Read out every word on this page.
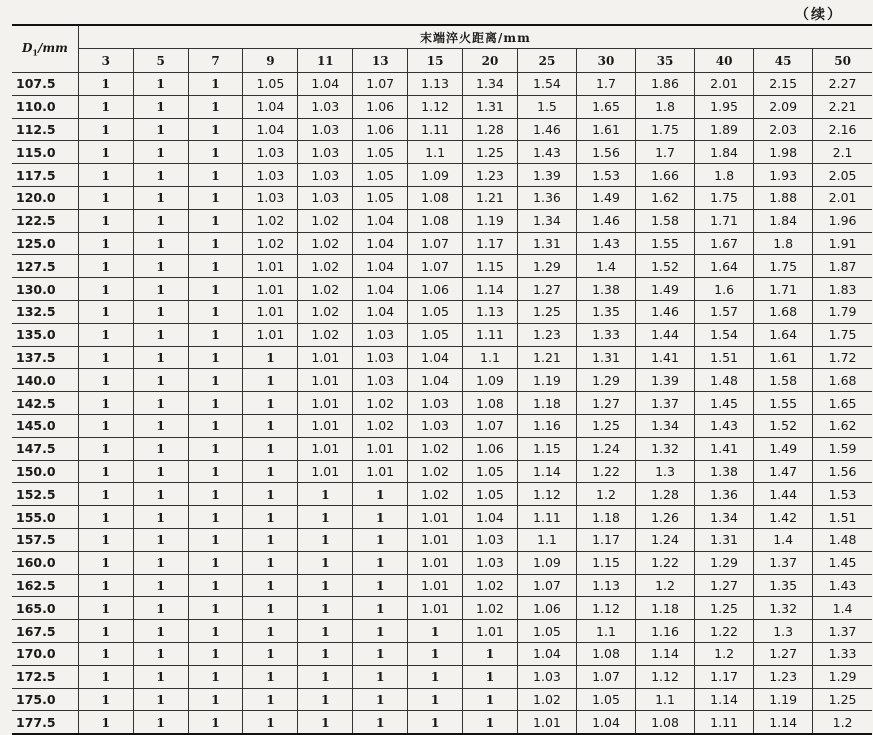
（续）
$D_1/mm$	末端淬火距离/mm													
	3	5	7	9	11	13	15	20	25	30	35	40	45	50
107.5	1	1	1	1.05	1.04	1.07	1.13	1.34	1.54	1.7	1.86	2.01	2.15	2.27
110.0	1	1	1	1.04	1.03	1.06	1.12	1.31	1.5	1.65	1.8	1.95	2.09	2.21
112.5	1	1	1	1.04	1.03	1.06	1.11	1.28	1.46	1.61	1.75	1.89	2.03	2.16
115.0	1	1	1	1.03	1.03	1.05	1.1	1.25	1.43	1.56	1.7	1.84	1.98	2.1
117.5	1	1	1	1.03	1.03	1.05	1.09	1.23	1.39	1.53	1.66	1.8	1.93	2.05
120.0	1	1	1	1.03	1.03	1.05	1.08	1.21	1.36	1.49	1.62	1.75	1.88	2.01
122.5	1	1	1	1.02	1.02	1.04	1.08	1.19	1.34	1.46	1.58	1.71	1.84	1.96
125.0	1	1	1	1.02	1.02	1.04	1.07	1.17	1.31	1.43	1.55	1.67	1.8	1.91
127.5	1	1	1	1.01	1.02	1.04	1.07	1.15	1.29	1.4	1.52	1.64	1.75	1.87
130.0	1	1	1	1.01	1.02	1.04	1.06	1.14	1.27	1.38	1.49	1.6	1.71	1.83
132.5	1	1	1	1.01	1.02	1.04	1.05	1.13	1.25	1.35	1.46	1.57	1.68	1.79
135.0	1	1	1	1.01	1.02	1.03	1.05	1.11	1.23	1.33	1.44	1.54	1.64	1.75
137.5	1	1	1	1	1.01	1.03	1.04	1.1	1.21	1.31	1.41	1.51	1.61	1.72
140.0	1	1	1	1	1.01	1.03	1.04	1.09	1.19	1.29	1.39	1.48	1.58	1.68
142.5	1	1	1	1	1.01	1.02	1.03	1.08	1.18	1.27	1.37	1.45	1.55	1.65
145.0	1	1	1	1	1.01	1.02	1.03	1.07	1.16	1.25	1.34	1.43	1.52	1.62
147.5	1	1	1	1	1.01	1.01	1.02	1.06	1.15	1.24	1.32	1.41	1.49	1.59
150.0	1	1	1	1	1.01	1.01	1.02	1.05	1.14	1.22	1.3	1.38	1.47	1.56
152.5	1	1	1	1	1	1	1.02	1.05	1.12	1.2	1.28	1.36	1.44	1.53
155.0	1	1	1	1	1	1	1.01	1.04	1.11	1.18	1.26	1.34	1.42	1.51
157.5	1	1	1	1	1	1	1.01	1.03	1.1	1.17	1.24	1.31	1.4	1.48
160.0	1	1	1	1	1	1	1.01	1.03	1.09	1.15	1.22	1.29	1.37	1.45
162.5	1	1	1	1	1	1	1.01	1.02	1.07	1.13	1.2	1.27	1.35	1.43
165.0	1	1	1	1	1	1	1.01	1.02	1.06	1.12	1.18	1.25	1.32	1.4
167.5	1	1	1	1	1	1	1	1.01	1.05	1.1	1.16	1.22	1.3	1.37
170.0	1	1	1	1	1	1	1	1	1.04	1.08	1.14	1.2	1.27	1.33
172.5	1	1	1	1	1	1	1	1	1.03	1.07	1.12	1.17	1.23	1.29
175.0	1	1	1	1	1	1	1	1	1.02	1.05	1.1	1.14	1.19	1.25
177.5	1	1	1	1	1	1	1	1	1.01	1.04	1.08	1.11	1.14	1.2
